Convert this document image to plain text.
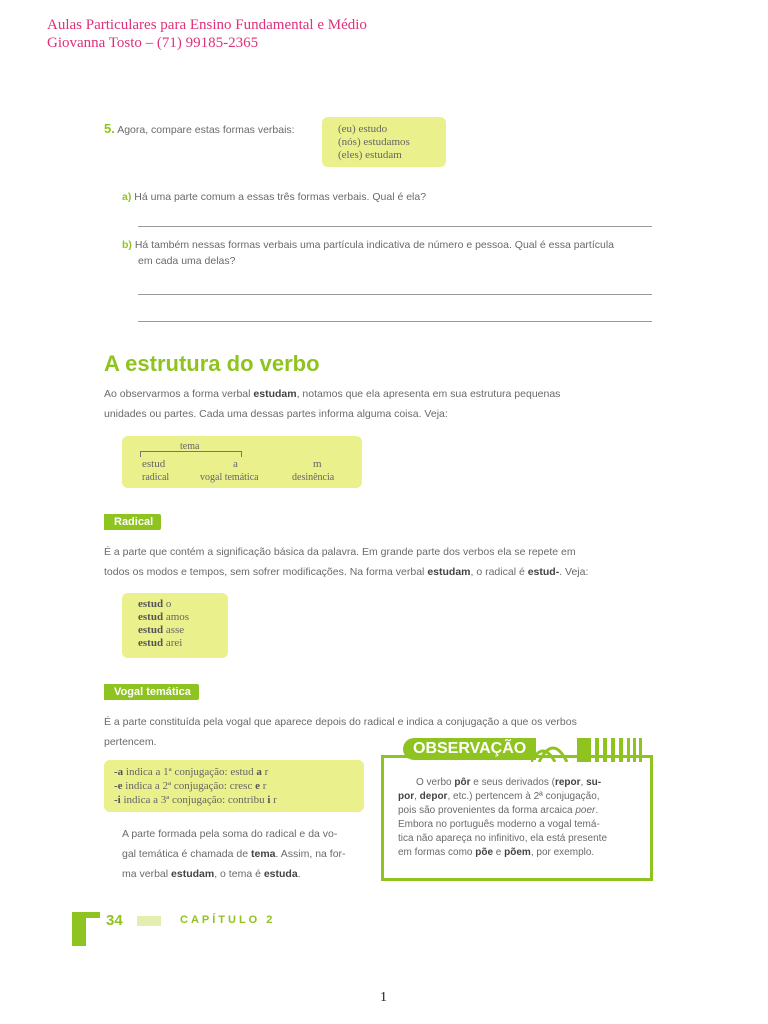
Aulas Particulares para Ensino Fundamental e Médio
Giovanna Tosto – (71) 99185-2365
5. Agora, compare estas formas verbais:	(eu) estudo
(nós) estudamos
(eles) estudam
a) Há uma parte comum a essas três formas verbais. Qual é ela?
b) Há também nessas formas verbais uma partícula indicativa de número e pessoa. Qual é essa partícula
em cada uma delas?
A estrutura do verbo
Ao observarmos a forma verbal estudam, notamos que ela apresenta em sua estrutura pequenas
unidades ou partes. Cada uma dessas partes informa alguma coisa. Veja:
tema
estud	a	m
radical	vogal temática	desinência
Radical
É a parte que contém a significação básica da palavra. Em grande parte dos verbos ela se repete em
todos os modos e tempos, sem sofrer modificações. Na forma verbal estudam, o radical é estud-. Veja:
estud o
estud amos
estud asse
estud arei
Vogal temática
É a parte constituída pela vogal que aparece depois do radical e indica a conjugação a que os verbos
pertencem.
-a indica a 1ª conjugação: estud a r
-e indica a 2ª conjugação: cresc e r
-i indica a 3ª conjugação: contribu i r
A parte formada pela soma do radical e da vo-
gal temática é chamada de tema. Assim, na for-
ma verbal estudam, o tema é estuda.
OBSERVAÇÃO
O verbo pôr e seus derivados (repor, su-
por, depor, etc.) pertencem à 2ª conjugação,
pois são provenientes da forma arcaica poer.
Embora no português moderno a vogal temá-
tica não apareça no infinitivo, ela está presente
em formas como põe e põem, por exemplo.
34	CAPÍTULO 2
1
